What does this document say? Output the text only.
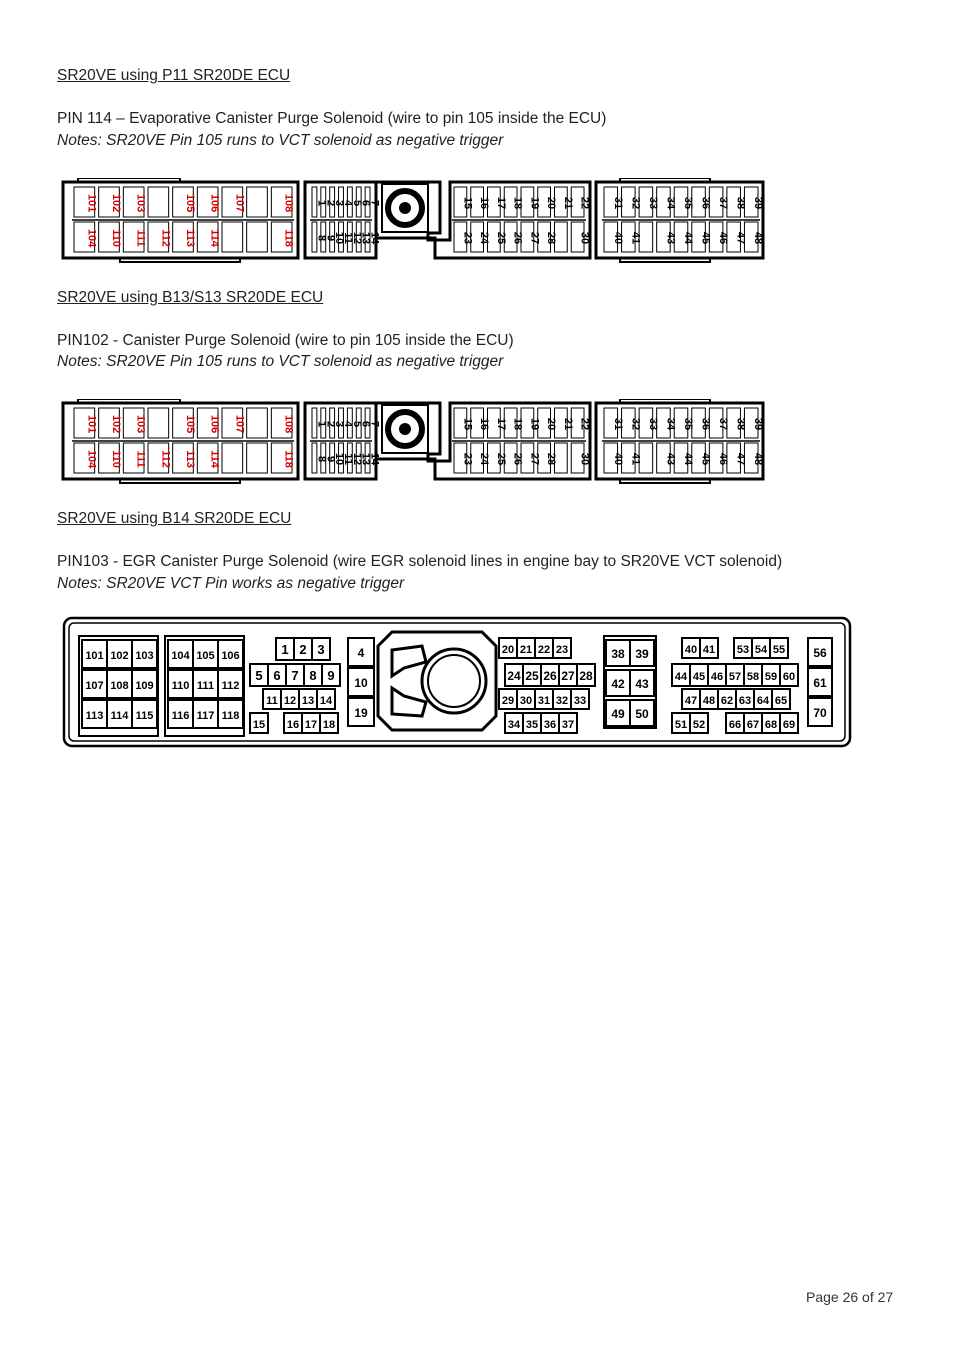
SR20VE using P11 SR20DE ECU
PIN 114 – Evaporative Canister Purge Solenoid (wire to pin 105 inside the ECU)
Notes: SR20VE Pin 105 runs to VCT solenoid as negative trigger
101
104
102
110
103
111 112
105
113
106
114
107	108
118
1
8
2
9
3
10
4
11
5
12
6
13
7
14
15
23
16
24
17
25
18
26
19
27
20
28
21 22
30
31
40
32
41
33 34
43
35
44
36
45
37
46
38
47
39
48
SR20VE using B13/S13 SR20DE ECU
PIN102 - Canister Purge Solenoid (wire to pin 105 inside the ECU)
Notes: SR20VE Pin 105 runs to VCT solenoid as negative trigger
101
104
102
110
103
111 112
105
113
106
114
107	108
118
1
8
2
9
3
10
4
11
5
12
6
13
7
14
15
23
16
24
17
25
18
26
19
27
20
28
21 22
30
31
40
32
41
33 34
43
35
44
36
45
37
46
38
47
39
48
SR20VE using B14 SR20DE ECU
PIN103 - EGR Canister Purge Solenoid (wire EGR solenoid lines in engine bay to SR20VE VCT solenoid)
Notes: SR20VE VCT Pin works as negative trigger
101 102 103
107 108 109
113 114 115
104 105 106
110 111 112
116 117 118
1 2 3
5 6 7 8 9
11 12 13 14
15 16 17 18
4
10
19
20 21 22 23
24 25 26 27 28
29 30 31 32 33
34 35 36 37
38 39
42 43
49 50
40 41 53 54 55
44 45 46 57 58 59 60
47 48 62 63 64 65
51 52 66 67 68 69
56
61
70
Page 26 of 27
